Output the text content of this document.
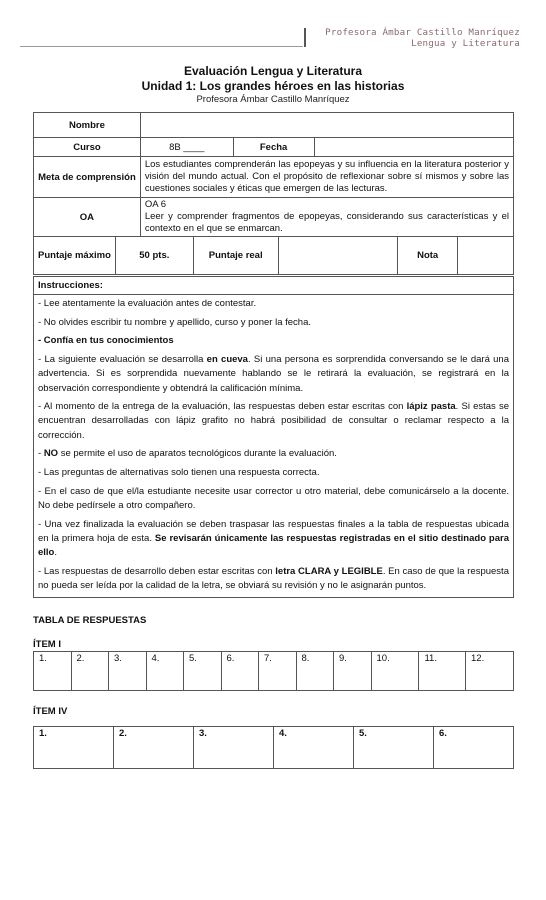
Profesora Ámbar Castillo Manríquez
Lengua y Literatura
Evaluación Lengua y Literatura
Unidad 1: Los grandes héroes en las historias
Profesora Ámbar Castillo Manríquez
Nombre								
Curso		8B ____		Fecha				
Meta de comprensión		Los estudiantes comprenderán las epopeyas y su influencia en la literatura posterior y visión del mundo actual. Con el propósito de reflexionar sobre sí mismos y sobre las cuestiones sociales y éticas que emergen de las lecturas.						
OA		OA 6
Leer y comprender fragmentos de epopeyas, considerando sus características y el contexto en el que se enmarcan.						

Puntaje máximo	50 pts.		Puntaje real				Nota	
Instrucciones:

- Lee atentamente la evaluación antes de contestar.

- No olvides escribir tu nombre y apellido, curso y poner la fecha.

- Confía en tus conocimientos

- La siguiente evaluación se desarrolla en cueva. Si una persona es sorprendida conversando se le dará una advertencia. Si es sorprendida nuevamente hablando se le retirará la evaluación, se registrará en la observación correspondiente y obtendrá la calificación mínima.

- Al momento de la entrega de la evaluación, las respuestas deben estar escritas con lápiz pasta. Si estas se encuentran desarrolladas con lápiz grafito no habrá posibilidad de consultar o reclamar respecto a la corrección.

- NO se permite el uso de aparatos tecnológicos durante la evaluación.

- Las preguntas de alternativas solo tienen una respuesta correcta.

- En el caso de que el/la estudiante necesite usar corrector u otro material, debe comunicárselo a la docente. No debe pedírsele a otro compañero.

- Una vez finalizada la evaluación se deben traspasar las respuestas finales a la tabla de respuestas ubicada en la primera hoja de esta. Se revisarán únicamente las respuestas registradas en el sitio destinado para ello.

- Las respuestas de desarrollo deben estar escritas con letra CLARA y LEGIBLE. En caso de que la respuesta no pueda ser leída por la calidad de la letra, se obviará su revisión y no le asignarán puntos.

TABLA DE RESPUESTAS
ÍTEM I
1.	2.	3.	4.	5.	6.	7.	8.	9.	10.	11.	12.
ÍTEM IV
1.	2.	3.	4.	5.	6.
